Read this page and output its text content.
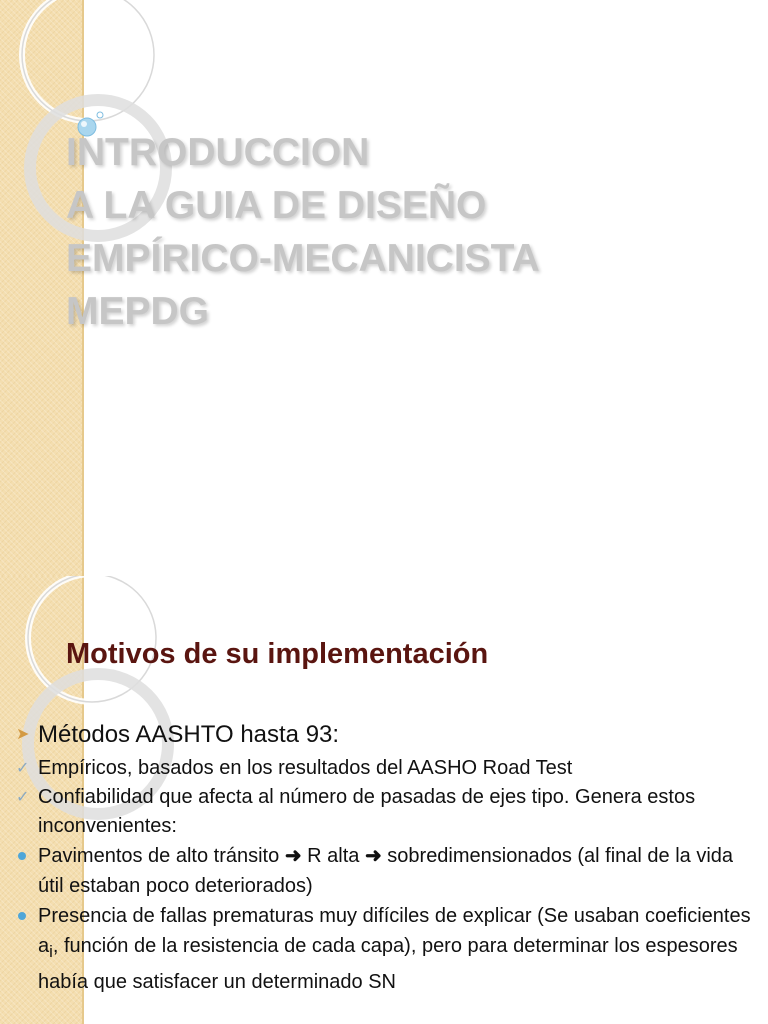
INTRODUCCION
A LA GUIA DE DISEÑO
EMPÍRICO-MECANICISTA
MEPDG
Motivos de su implementación
➤ Métodos AASHTO hasta 93:
✓ Empíricos, basados en los resultados del AASHO Road Test
✓ Confiabilidad que afecta al número de pasadas de ejes tipo. Genera estos inconvenientes:
Pavimentos de alto tránsito ➜ R alta ➜ sobredimensionados (al final de la vida útil estaban poco deteriorados)
Presencia de fallas prematuras muy difíciles de explicar (Se usaban coeficientes $a_i$, función de la resistencia de cada capa), pero para determinar los espesores había que satisfacer un determinado SN
